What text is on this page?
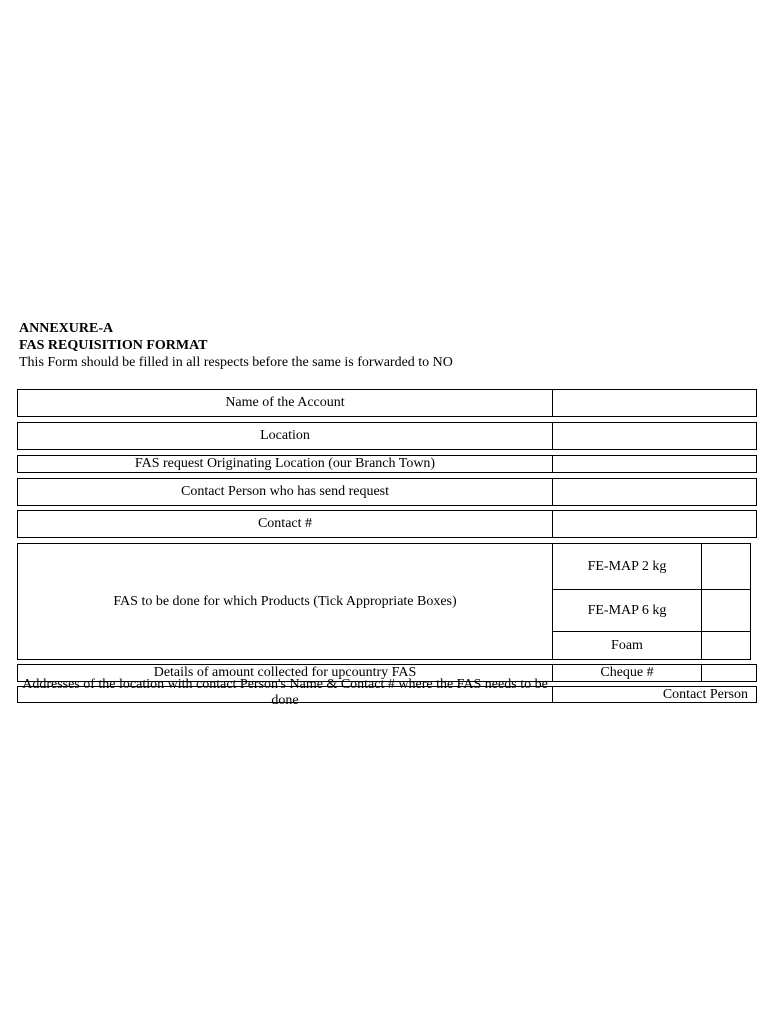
ANNEXURE-A
FAS REQUISITION FORMAT
This Form should be filled in all respects before the same is forwarded to NO
Name of the Account
Location
FAS request Originating Location (our Branch Town)
Contact Person who has send request
Contact #
FAS to be done for which Products (Tick Appropriate Boxes)
FE-MAP 2 kg
FE-MAP 6 kg
Foam
Details of amount collected for upcountry FAS	Cheque #
Addresses of the location with contact Person's Name & Contact # where the FAS needs to be done	Contact Person
